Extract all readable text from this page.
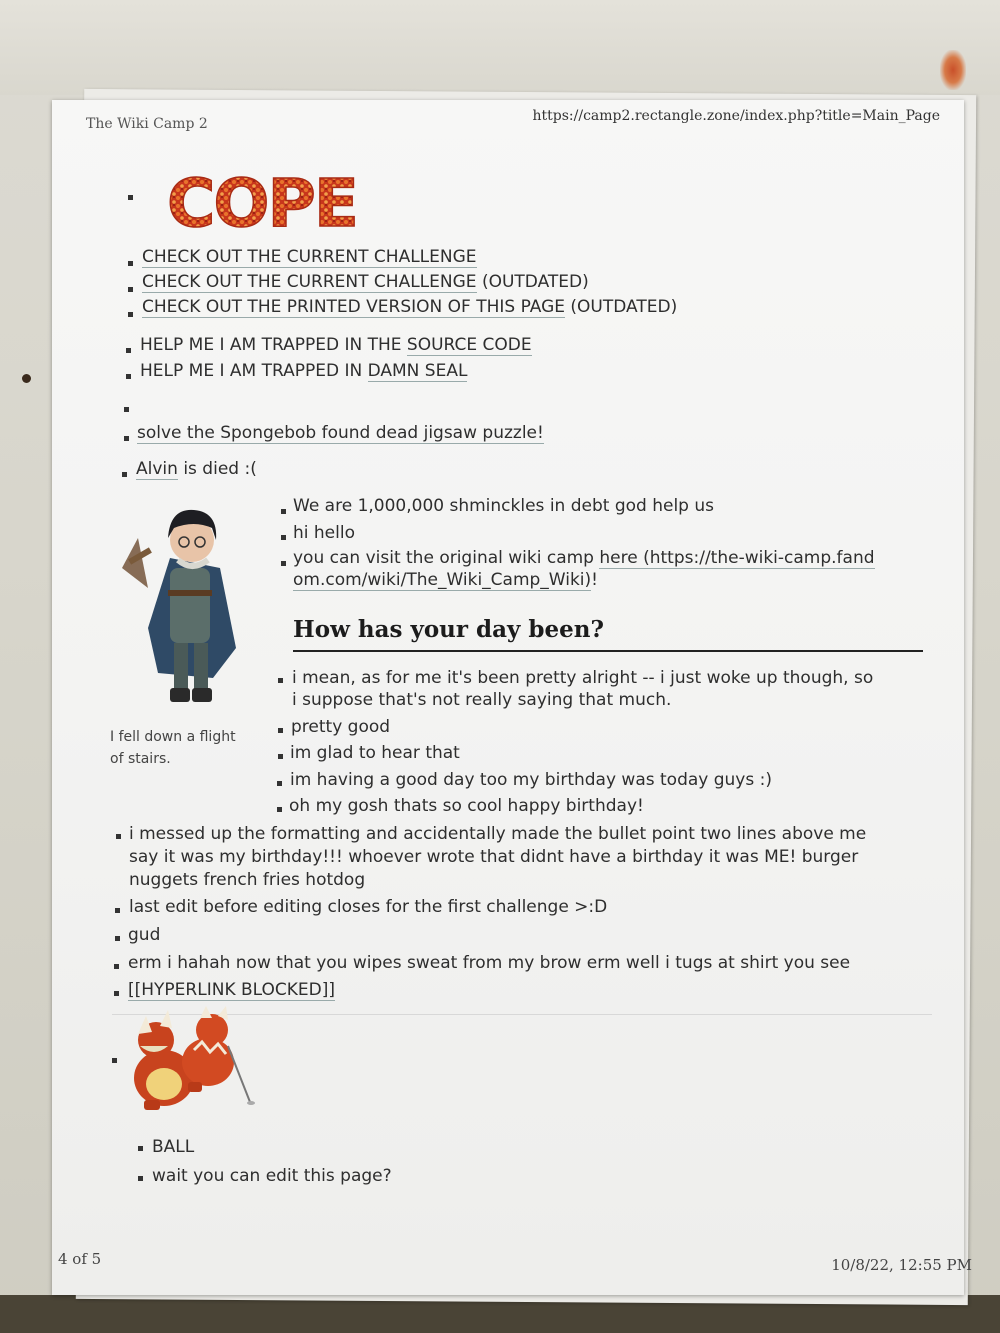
The Wiki Camp 2	https://camp2.rectangle.zone/index.php?title=Main_Page
COPE
CHECK OUT THE CURRENT CHALLENGE
CHECK OUT THE CURRENT CHALLENGE (OUTDATED)
CHECK OUT THE PRINTED VERSION OF THIS PAGE (OUTDATED)
HELP ME I AM TRAPPED IN THE SOURCE CODE
HELP ME I AM TRAPPED IN DAMN SEAL
solve the Spongebob found dead jigsaw puzzle!
Alvin is died :(
I fell down a flight
of stairs.
We are 1,000,000 shminckles in debt god help us
hi hello
you can visit the original wiki camp here (https://the-wiki-camp.fand
om.com/wiki/The_Wiki_Camp_Wiki)!
How has your day been?
i mean, as for me it's been pretty alright -- i just woke up though, so
i suppose that's not really saying that much.
pretty good
im glad to hear that
im having a good day too my birthday was today guys :)
oh my gosh thats so cool happy birthday!
i messed up the formatting and accidentally made the bullet point two lines above me
say it was my birthday!!! whoever wrote that didnt have a birthday it was ME! burger
nuggets french fries hotdog
last edit before editing closes for the first challenge >:D
gud
erm i hahah now that you wipes sweat from my brow erm well i tugs at shirt you see
[[HYPERLINK BLOCKED]]
BALL
wait you can edit this page?
4 of 5	10/8/22, 12:55 PM
